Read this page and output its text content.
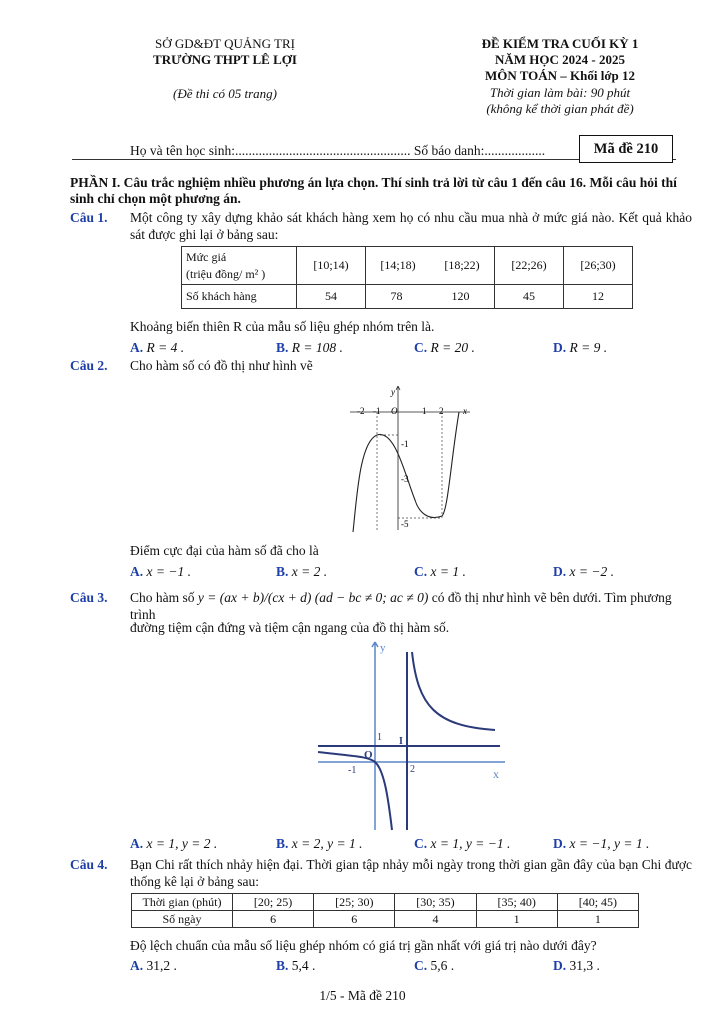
SỞ GD&ĐT QUẢNG TRỊ
TRƯỜNG THPT LÊ LỢI
(Đề thi có 05 trang)
ĐỀ KIỂM TRA CUỐI KỲ 1
NĂM HỌC 2024 - 2025
MÔN TOÁN – Khối lớp 12
Thời gian làm bài: 90 phút
(không kể thời gian phát đề)
Họ và tên học sinh:.................................................... Số báo danh:..................	Mã đề 210
PHẦN I. Câu trắc nghiệm nhiều phương án lựa chọn. Thí sinh trả lời từ câu 1 đến câu 16. Mỗi câu hỏi thí sinh chỉ chọn một phương án.
Câu 1. Một công ty xây dựng khảo sát khách hàng xem họ có nhu cầu mua nhà ở mức giá nào. Kết quả khảo sát được ghi lại ở bảng sau:
Mức giá
(triệu đồng/ m² )	[10;14)	[14;18) [18;22)	[22;26)	[26;30)
Số khách hàng	54	78 120	45	12
Khoảng biến thiên R của mẫu số liệu ghép nhóm trên là.
A. R = 4 .	B. R = 108 .	C. R = 20 .	D. R = 9 .
Câu 2. Cho hàm số có đồ thị như hình vẽ
y
x
O
-2 -1	1 2
-1
-3
-5
Điểm cực đại của hàm số đã cho là
A. x = −1 .	B. x = 2 .	C. x = 1 .	D. x = −2 .
Câu 3. Cho hàm số y = (ax + b)/(cx + d) (ad − bc ≠ 0; ac ≠ 0) có đồ thị như hình vẽ bên dưới. Tìm phương trình
đường tiệm cận đứng và tiệm cận ngang của đồ thị hàm số.
y
x
O
1 I
-1	2
A. x = 1, y = 2 .	B. x = 2, y = 1 .	C. x = 1, y = −1 .	D. x = −1, y = 1 .
Câu 4. Bạn Chi rất thích nhảy hiện đại. Thời gian tập nhảy mỗi ngày trong thời gian gần đây của bạn Chi được thống kê lại ở bảng sau:
Thời gian (phút)	[20; 25)	[25; 30)	[30; 35)	[35; 40)	[40; 45)
Số ngày	6	6	4	1	1
Độ lệch chuẩn của mẫu số liệu ghép nhóm có giá trị gần nhất với giá trị nào dưới đây?
A. 31,2 .	B. 5,4 .	C. 5,6 .	D. 31,3 .
1/5 - Mã đề 210
